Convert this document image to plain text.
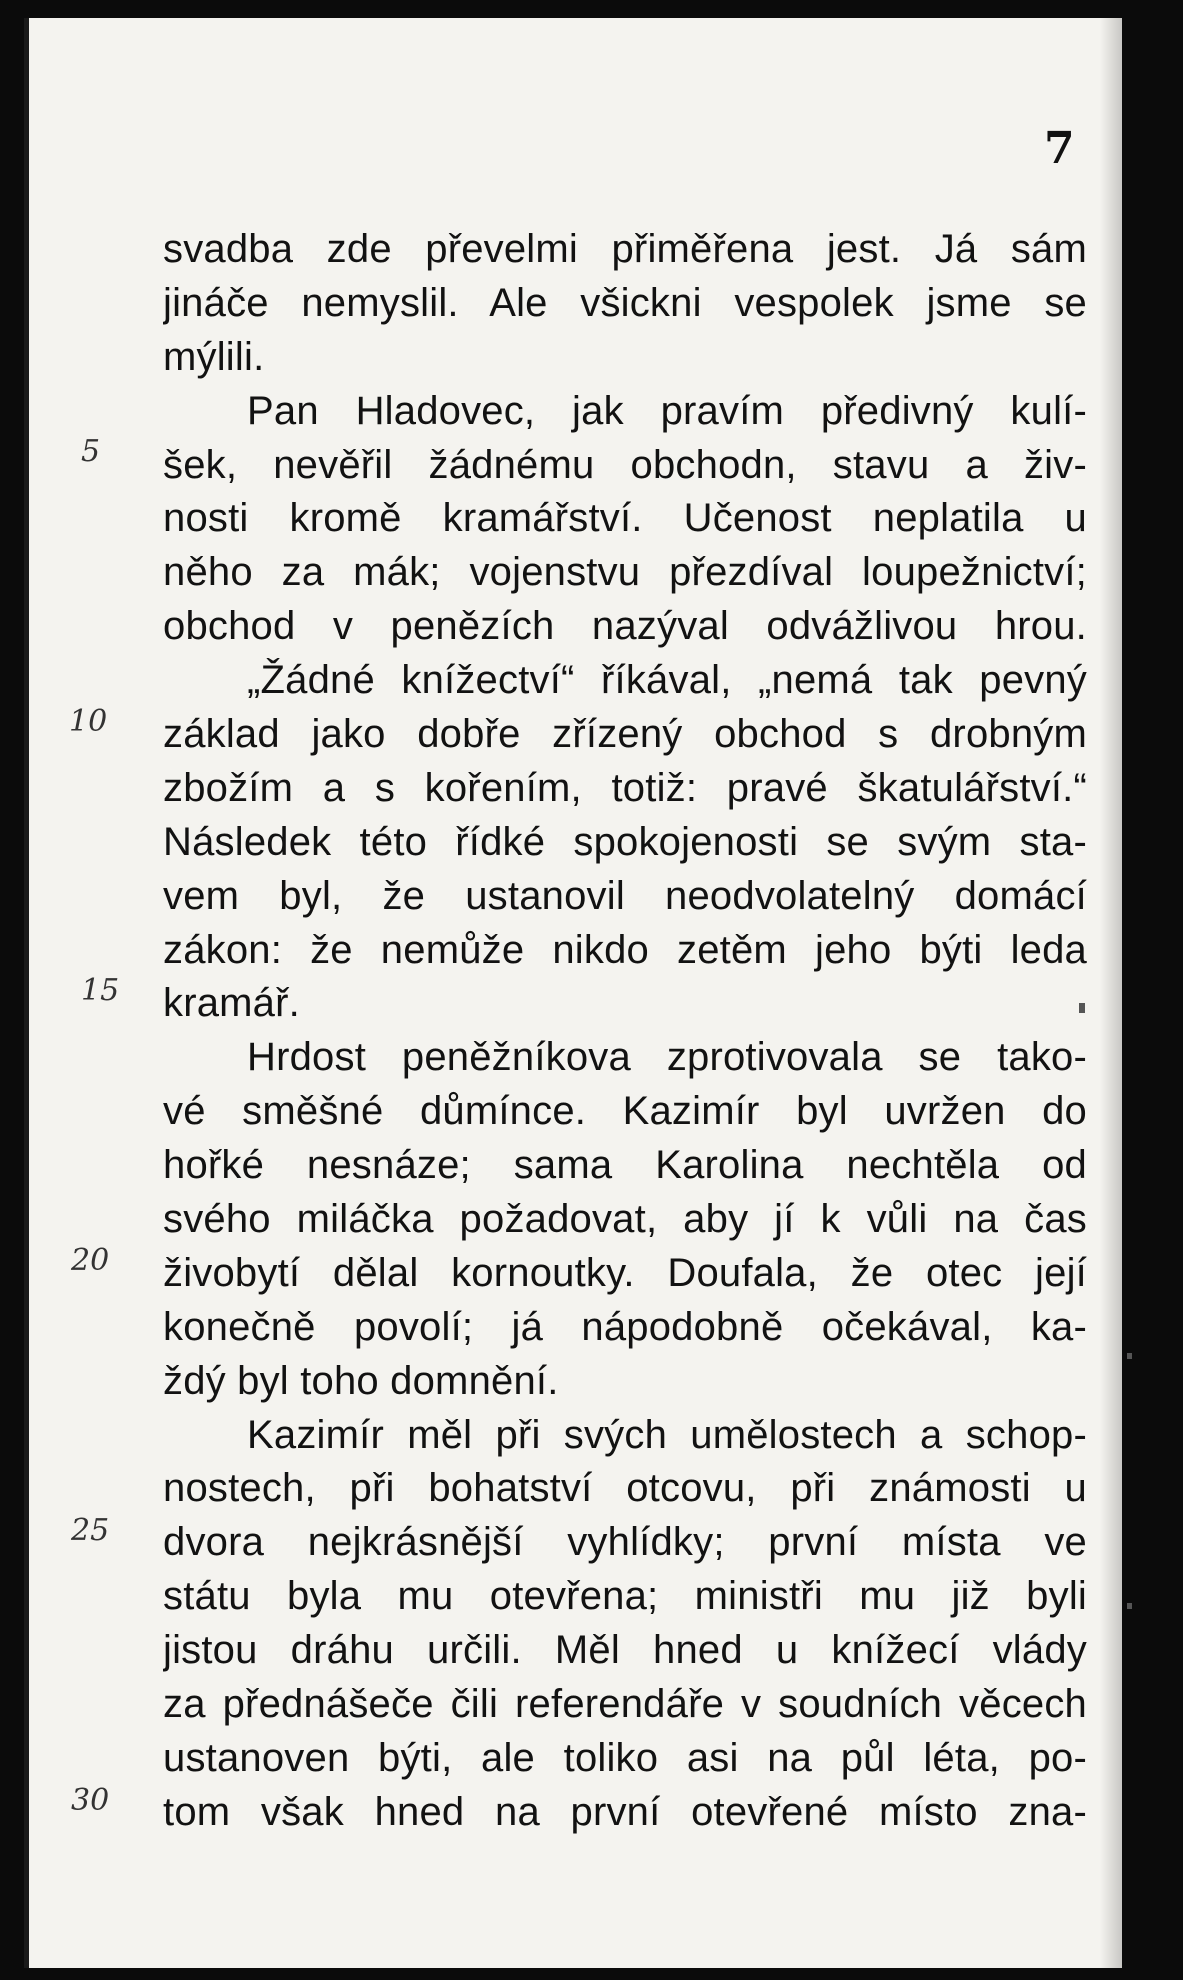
7
svadba zde převelmi přiměřena jest. Já sám
jináče nemyslil. Ale všickni vespolek jsme se
mýlili.
Pan Hladovec, jak pravím předivný kulí-
šek, nevěřil žádnému obchodn, stavu a živ-
nosti kromě kramářství. Učenost neplatila u
něho za mák; vojenstvu přezdíval loupežnictví;
obchod v penězích nazýval odvážlivou hrou.
„Žádné knížectví“ říkával, „nemá tak pevný
základ jako dobře zřízený obchod s drobným
zbožím a s kořením, totiž: pravé škatulářství.“
Následek této řídké spokojenosti se svým sta-
vem byl, že ustanovil neodvolatelný domácí
zákon: že nemůže nikdo zetěm jeho býti leda
kramář.
Hrdost peněžníkova zprotivovala se tako-
vé směšné důmínce. Kazimír byl uvržen do
hořké nesnáze; sama Karolina nechtěla od
svého miláčka požadovat, aby jí k vůli na čas
živobytí dělal kornoutky. Doufala, že otec její
konečně povolí; já nápodobně očekával, ka-
ždý byl toho domnění.
Kazimír měl při svých umělostech a schop-
nostech, při bohatství otcovu, při známosti u
dvora nejkrásnější vyhlídky; první místa ve
státu byla mu otevřena; ministři mu již byli
jistou dráhu určili. Měl hned u knížecí vlády
za přednášeče čili referendáře v soudních věcech
ustanoven býti, ale toliko asi na půl léta, po-
tom však hned na první otevřené místo zna-
5
10
15
20
25
30
